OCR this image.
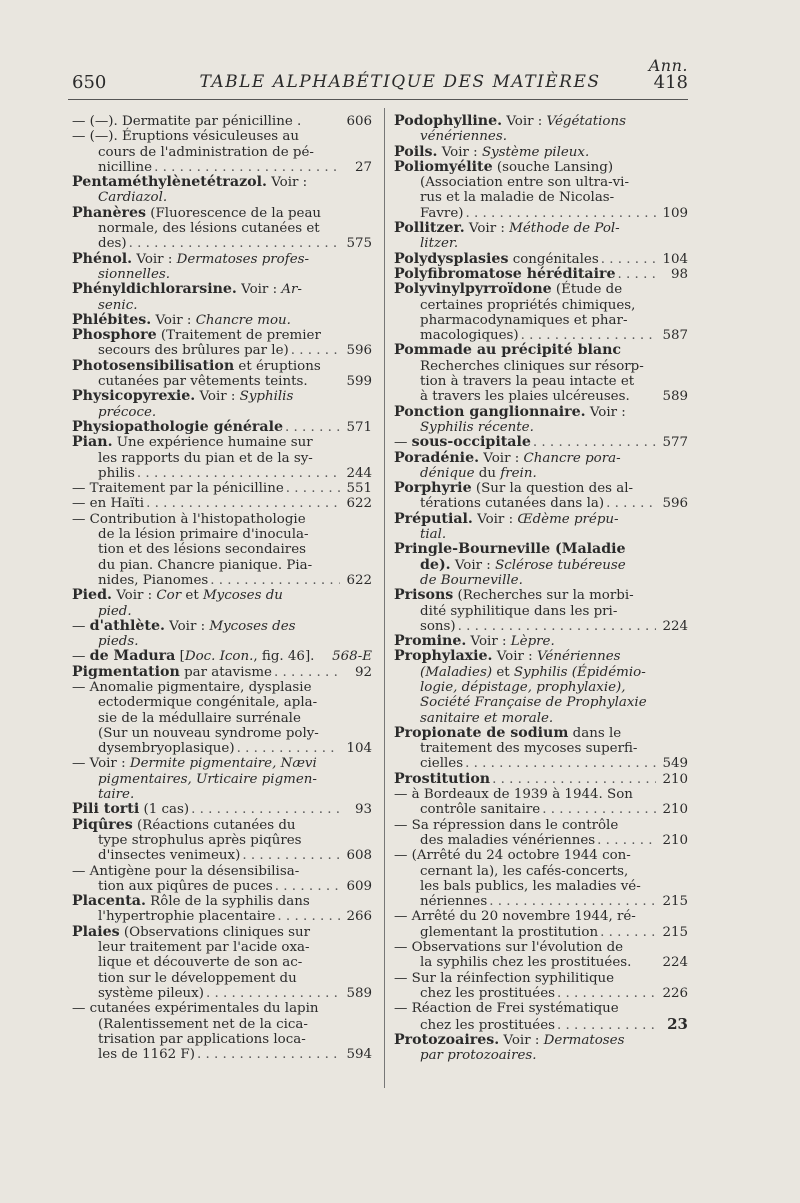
650	TABLE ALPHABÉTIQUE DES MATIÈRES
Ann.
418
— (—). Dermatite par pénicilline .	606
— (—). Éruptions vésiculeuses au
cours de l'administration de pé-
nicilline . . .	27
Pentaméthylènetétrazol. Voir :
Cardiazol.
Phanères (Fluorescence de la peau
normale, des lésions cutanées et
des) . . .	575
Phénol. Voir : Dermatoses profes-
sionnelles.
Phényldichlorarsine. Voir : Ar-
senic.
Phlébites. Voir : Chancre mou.
Phosphore (Traitement de premier
secours des brûlures par le) . . .	596
Photosensibilisation et éruptions
cutanées par vêtements teints.	599
Physicopyrexie. Voir : Syphilis
précoce.
Physiopathologie générale . . .	571
Pian. Une expérience humaine sur
les rapports du pian et de la sy-
philis . . .	244
— Traitement par la pénicilline . . .	551
— en Haïti . . .	622
— Contribution à l'histopathologie
de la lésion primaire d'inocula-
tion et des lésions secondaires
du pian. Chancre pianique. Pia-
nides, Pianomes . . .	622
Pied. Voir : Cor et Mycoses du
pied.
— d'athlète. Voir : Mycoses des
pieds.
— de Madura [Doc. Icon., fig. 46]. 568-E
Pigmentation par atavisme . . .	92
— Anomalie pigmentaire, dysplasie
ectodermique congénitale, apla-
sie de la médullaire surrénale
(Sur un nouveau syndrome poly-
dysembryoplasique) . . .	104
— Voir : Dermite pigmentaire, Nævi
pigmentaires, Urticaire pigmen-
taire.
Pili torti (1 cas) . . .	93
Piqûres (Réactions cutanées du
type strophulus après piqûres
d'insectes venimeux) . . .	608
— Antigène pour la désensibilisa-
tion aux piqûres de puces . . .	609
Placenta. Rôle de la syphilis dans
l'hypertrophie placentaire . . .	266
Plaies (Observations cliniques sur
leur traitement par l'acide oxa-
lique et découverte de son ac-
tion sur le développement du
système pileux) . . .	589
— cutanées expérimentales du lapin
(Ralentissement net de la cica-
trisation par applications loca-
les de 1162 F) . . .	594
Podophylline. Voir : Végétations
vénériennes.
Poils. Voir : Système pileux.
Poliomyélite (souche Lansing)
(Association entre son ultra-vi-
rus et la maladie de Nicolas-
Favre) . . .	109
Pollitzer. Voir : Méthode de Pol-
litzer.
Polydysplasies congénitales . . .	104
Polyfibromatose héréditaire . . .	98
Polyvinylpyrroïdone (Étude de
certaines propriétés chimiques,
pharmacodynamiques et phar-
macologiques) . . .	587
Pommade au précipité blanc
Recherches cliniques sur résorp-
tion à travers la peau intacte et
à travers les plaies ulcéreuses.	589
Ponction ganglionnaire. Voir :
Syphilis récente.
— sous-occipitale . . .	577
Poradénie. Voir : Chancre pora-
dénique du frein.
Porphyrie (Sur la question des al-
térations cutanées dans la) . . .	596
Préputial. Voir : Œdème prépu-
tial.
Pringle-Bourneville (Maladie
de). Voir : Sclérose tubéreuse
de Bourneville.
Prisons (Recherches sur la morbi-
dité syphilitique dans les pri-
sons) . . .	224
Promine. Voir : Lèpre.
Prophylaxie. Voir : Vénériennes
(Maladies) et Syphilis (Épidémio-
logie, dépistage, prophylaxie),
Société Française de Prophylaxie
sanitaire et morale.
Propionate de sodium dans le
traitement des mycoses superfi-
cielles . . .	549
Prostitution . . .	210
— à Bordeaux de 1939 à 1944. Son
contrôle sanitaire . . .	210
— Sa répression dans le contrôle
des maladies vénériennes . . .	210
— (Arrêté du 24 octobre 1944 con-
cernant la), les cafés-concerts,
les bals publics, les maladies vé-
nériennes . . .	215
— Arrêté du 20 novembre 1944, ré-
glementant la prostitution . . .	215
— Observations sur l'évolution de
la syphilis chez les prostituées.	224
— Sur la réinfection syphilitique
chez les prostituées . . .	226
— Réaction de Frei systématique
chez les prostituées . . .	23
Protozoaires. Voir : Dermatoses
par protozoaires.
